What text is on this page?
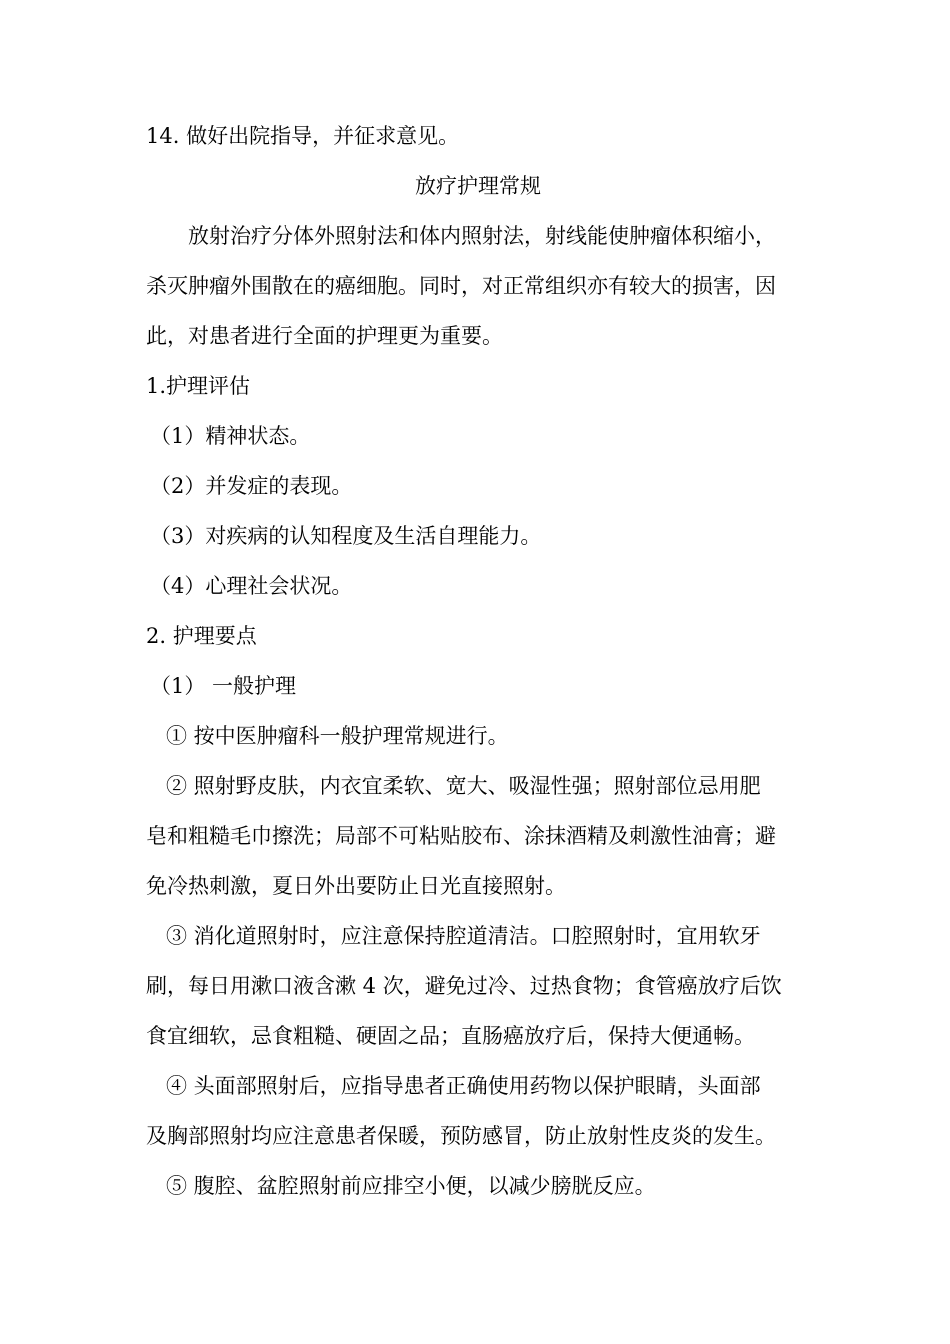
14. 做好出院指导，并征求意见。
放疗护理常规
放射治疗分体外照射法和体内照射法，射线能使肿瘤体积缩小，
杀灭肿瘤外围散在的癌细胞。同时，对正常组织亦有较大的损害，因
此，对患者进行全面的护理更为重要。
1.护理评估
（1）精神状态。
（2）并发症的表现。
（3）对疾病的认知程度及生活自理能力。
（4）心理社会状况。
2. 护理要点
（1） 一般护理
① 按中医肿瘤科一般护理常规进行。
② 照射野皮肤，内衣宜柔软、宽大、吸湿性强；照射部位忌用肥
皂和粗糙毛巾擦洗；局部不可粘贴胶布、涂抹酒精及刺激性油膏；避
免冷热刺激，夏日外出要防止日光直接照射。
③ 消化道照射时，应注意保持腔道清洁。口腔照射时，宜用软牙
刷，每日用漱口液含漱 4 次，避免过冷、过热食物；食管癌放疗后饮
食宜细软，忌食粗糙、硬固之品；直肠癌放疗后，保持大便通畅。
④ 头面部照射后，应指导患者正确使用药物以保护眼睛，头面部
及胸部照射均应注意患者保暖，预防感冒，防止放射性皮炎的发生。
⑤ 腹腔、盆腔照射前应排空小便，以减少膀胱反应。
